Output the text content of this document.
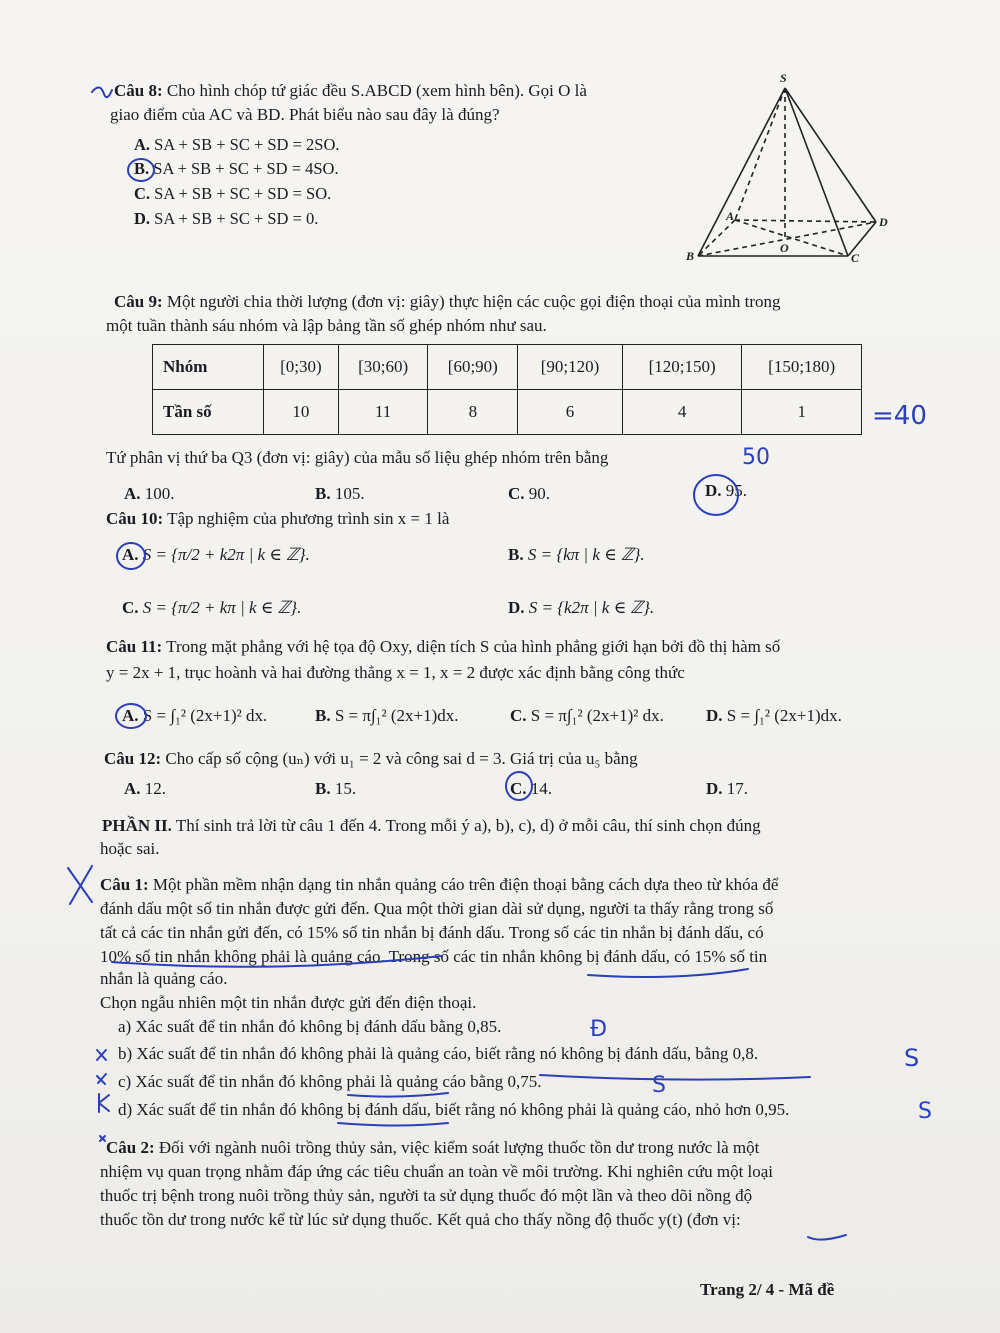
Câu 8: Cho hình chóp tứ giác đều S.ABCD (xem hình bên). Gọi O là
giao điểm của AC và BD. Phát biểu nào sau đây là đúng?
A. SA + SB + SC + SD = 2SO.
B. SA + SB + SC + SD = 4SO.
C. SA + SB + SC + SD = SO.
D. SA + SB + SC + SD = 0.
S
A
B	C
D
O
Câu 9: Một người chia thời lượng (đơn vị: giây) thực hiện các cuộc gọi điện thoại của mình trong
một tuần thành sáu nhóm và lập bảng tần số ghép nhóm như sau.
Nhóm	[0;30)	[30;60)	[60;90)	[90;120)	[120;150)	[150;180)
Tần số	10	11	8	6	4	1
Tứ phân vị thứ ba Q3 (đơn vị: giây) của mẫu số liệu ghép nhóm trên bằng
A. 100.	B. 105.	C. 90.	D. 95.
Câu 10: Tập nghiệm của phương trình sin x = 1 là
A. S = {π/2 + k2π | k ∈ ℤ}.	B. S = {kπ | k ∈ ℤ}.
C. S = {π/2 + kπ | k ∈ ℤ}.	D. S = {k2π | k ∈ ℤ}.
Câu 11: Trong mặt phẳng với hệ tọa độ Oxy, diện tích S của hình phẳng giới hạn bởi đồ thị hàm số
y = 2x + 1, trục hoành và hai đường thẳng x = 1, x = 2 được xác định bằng công thức
A. S = ∫₁² (2x+1)² dx.	B. S = π∫₁² (2x+1)dx.	C. S = π∫₁² (2x+1)² dx. D. S = ∫₁² (2x+1)dx.
Câu 12: Cho cấp số cộng (uₙ) với u₁ = 2 và công sai d = 3. Giá trị của u₅ bằng
A. 12.	B. 15.	C. 14.	D. 17.
PHẦN II. Thí sinh trả lời từ câu 1 đến 4. Trong mỗi ý a), b), c), d) ở mỗi câu, thí sinh chọn đúng
hoặc sai.
Câu 1: Một phần mềm nhận dạng tin nhắn quảng cáo trên điện thoại bằng cách dựa theo từ khóa để
đánh dấu một số tin nhắn được gửi đến. Qua một thời gian dài sử dụng, người ta thấy rằng trong số
tất cả các tin nhắn gửi đến, có 15% số tin nhắn bị đánh dấu. Trong số các tin nhắn bị đánh dấu, có
10% số tin nhắn không phải là quảng cáo. Trong số các tin nhắn không bị đánh dấu, có 15% số tin
nhắn là quảng cáo.
Chọn ngẫu nhiên một tin nhắn được gửi đến điện thoại.
a) Xác suất để tin nhắn đó không bị đánh dấu bằng 0,85.
b) Xác suất để tin nhắn đó không phải là quảng cáo, biết rằng nó không bị đánh dấu, bằng 0,8.
c) Xác suất để tin nhắn đó không phải là quảng cáo bằng 0,75.
d) Xác suất để tin nhắn đó không bị đánh dấu, biết rằng nó không phải là quảng cáo, nhỏ hơn 0,95.
Câu 2: Đối với ngành nuôi trồng thủy sản, việc kiểm soát lượng thuốc tồn dư trong nước là một
nhiệm vụ quan trọng nhằm đáp ứng các tiêu chuẩn an toàn về môi trường. Khi nghiên cứu một loại
thuốc trị bệnh trong nuôi trồng thủy sản, người ta sử dụng thuốc đó một lần và theo dõi nồng độ
thuốc tồn dư trong nước kể từ lúc sử dụng thuốc. Kết quả cho thấy nồng độ thuốc y(t) (đơn vị:
Trang 2/ 4 - Mã đề
=40
50
Đ
S
S
S
